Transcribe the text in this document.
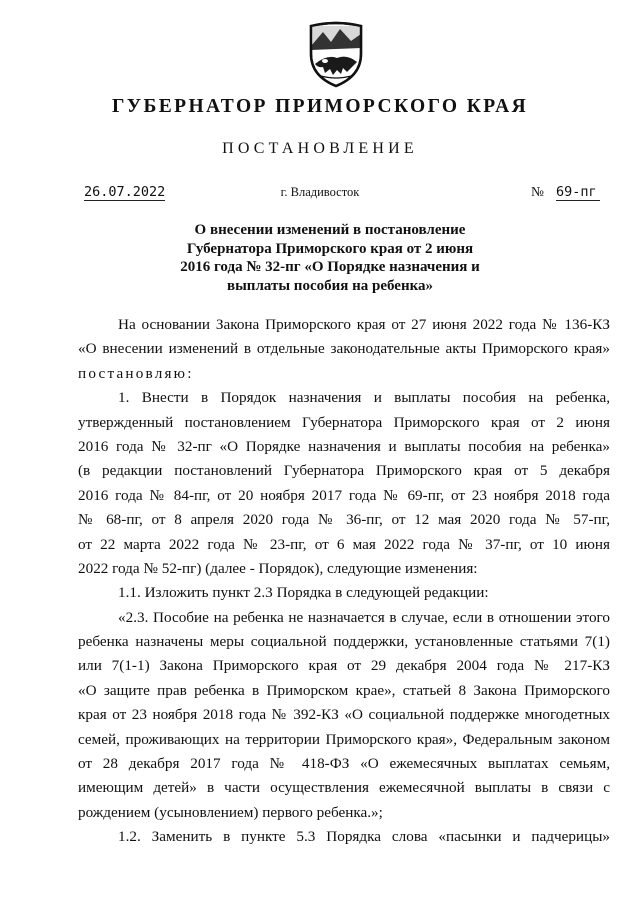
ГУБЕРНАТОР ПРИМОРСКОГО КРАЯ
ПОСТАНОВЛЕНИЕ
26.07.2022	г. Владивосток	№ 69-пг
О внесении изменений в постановление
Губернатора Приморского края от 2 июня
2016 года № 32-пг «О Порядке назначения и
выплаты пособия на ребенка»
На основании Закона Приморского края от 27 июня 2022 года № 136-КЗ
«О внесении изменений в отдельные законодательные акты Приморского края»
постановляю:
1. Внести в Порядок назначения и выплаты пособия на ребенка,
утвержденный постановлением Губернатора Приморского края от 2 июня
2016 года № 32-пг «О Порядке назначения и выплаты пособия на ребенка»
(в редакции постановлений Губернатора Приморского края от 5 декабря
2016 года № 84-пг, от 20 ноября 2017 года № 69-пг, от 23 ноября 2018 года
№ 68-пг, от 8 апреля 2020 года № 36-пг, от 12 мая 2020 года № 57-пг,
от 22 марта 2022 года № 23-пг, от 6 мая 2022 года № 37-пг, от 10 июня
2022 года № 52-пг) (далее - Порядок), следующие изменения:
1.1. Изложить пункт 2.3 Порядка в следующей редакции:
«2.3. Пособие на ребенка не назначается в случае, если в отношении этого
ребенка назначены меры социальной поддержки, установленные статьями 7(1)
или 7(1-1) Закона Приморского края от 29 декабря 2004 года № 217-КЗ
«О защите прав ребенка в Приморском крае», статьей 8 Закона Приморского
края от 23 ноября 2018 года № 392-КЗ «О социальной поддержке многодетных
семей, проживающих на территории Приморского края», Федеральным законом
от 28 декабря 2017 года № 418-ФЗ «О ежемесячных выплатах семьям,
имеющим детей» в части осуществления ежемесячной выплаты в связи с
рождением (усыновлением) первого ребенка.»;
1.2. Заменить в пункте 5.3 Порядка слова «пасынки и падчерицы»
